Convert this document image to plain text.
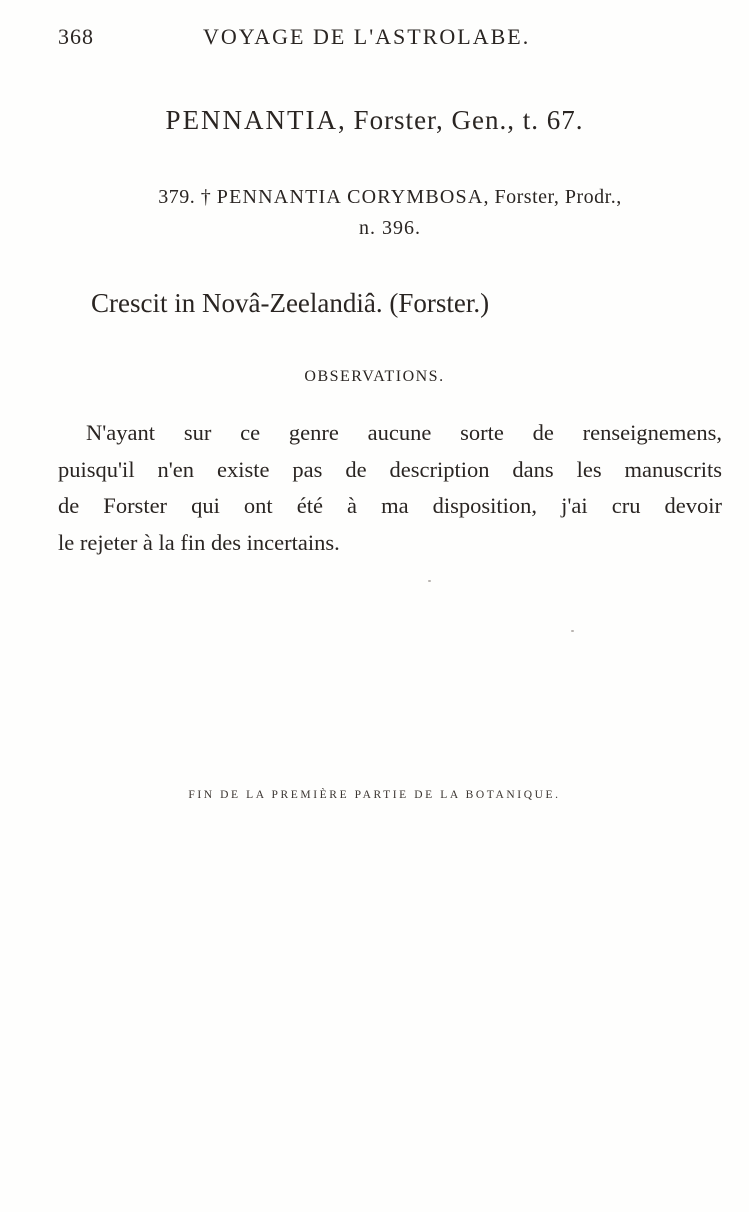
368	VOYAGE DE L'ASTROLABE.
PENNANTIA, Forster, Gen., t. 67.
379. † PENNANTIA CORYMBOSA, Forster, Prodr.,
n. 396.
Crescit in Novâ-Zeelandiâ. (Forster.)
OBSERVATIONS.
N'ayant sur ce genre aucune sorte de renseignemens,
puisqu'il n'en existe pas de description dans les manuscrits
de Forster qui ont été à ma disposition, j'ai cru devoir
le rejeter à la fin des incertains.
FIN DE LA PREMIÈRE PARTIE DE LA BOTANIQUE.
